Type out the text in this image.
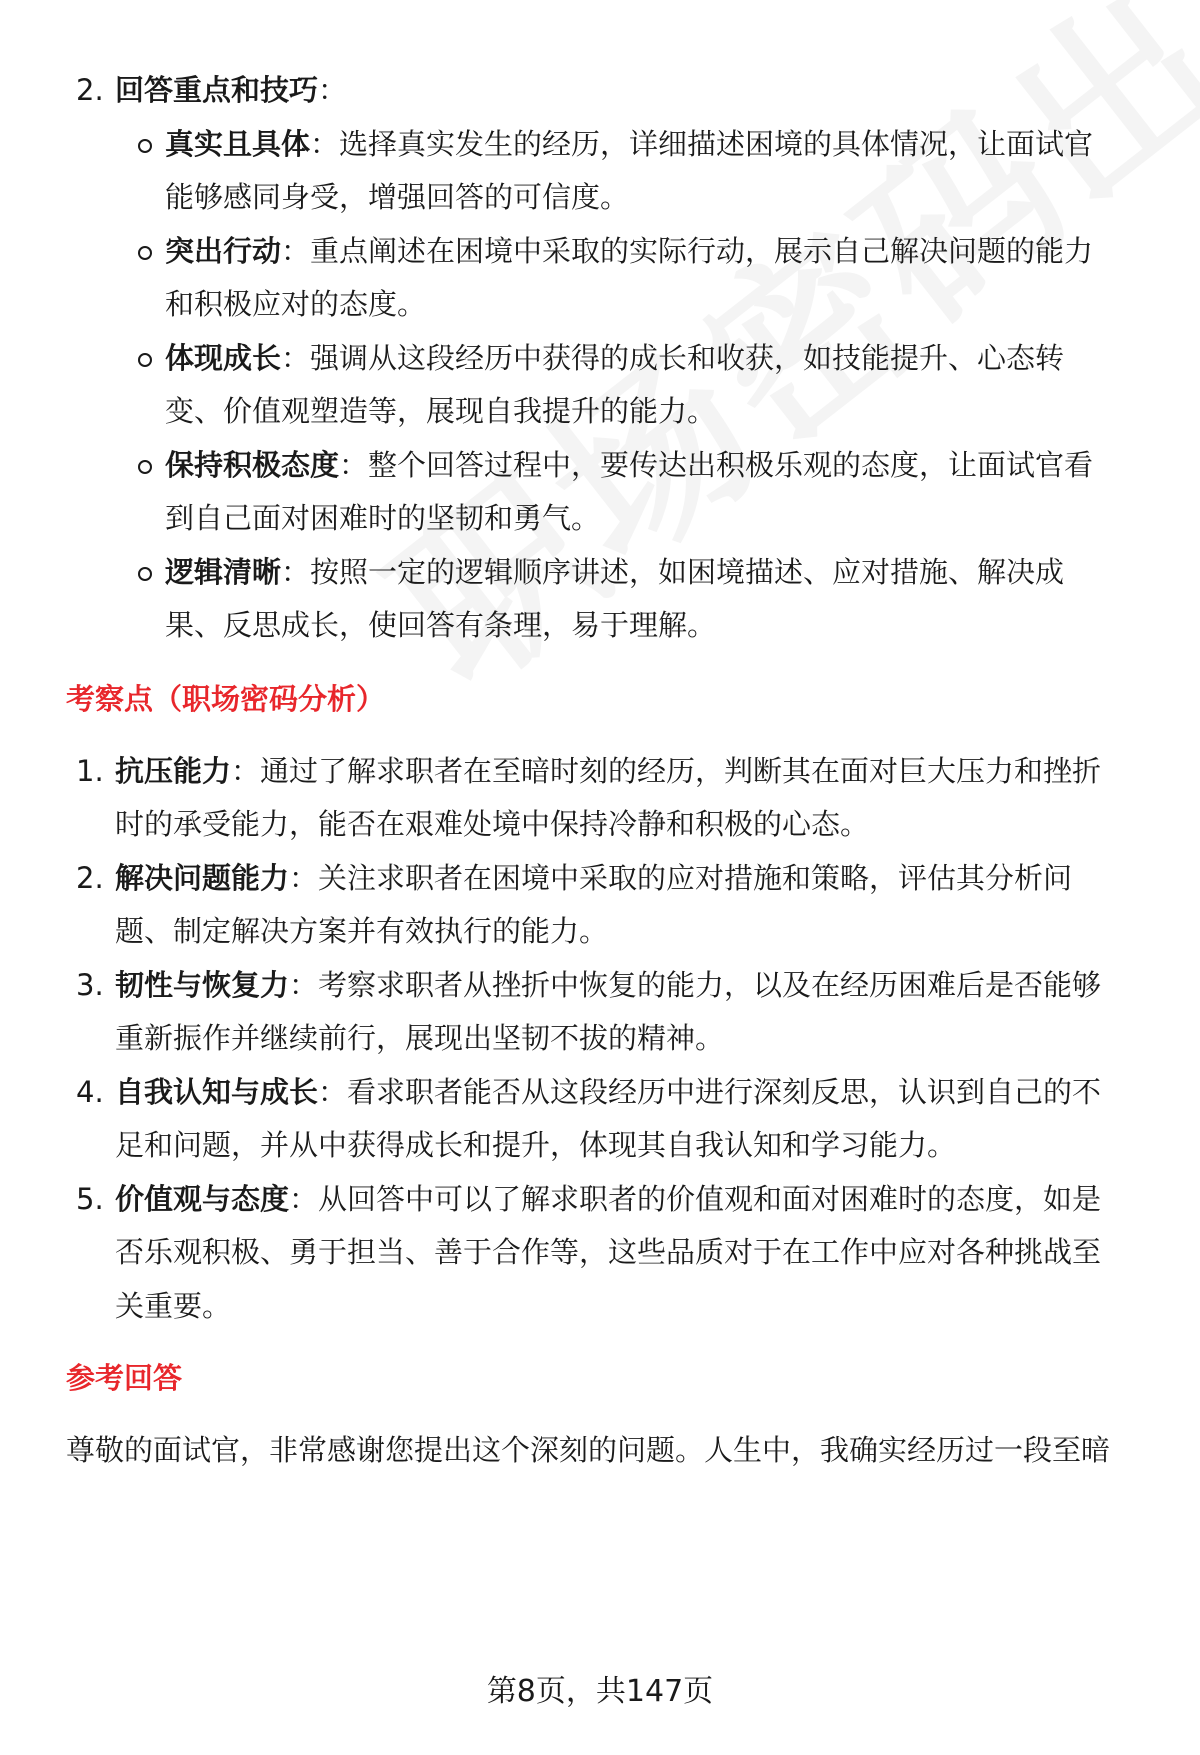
2. 回答重点和技巧：
真实且具体：选择真实发生的经历，详细描述困境的具体情况，让面试官
能够感同身受，增强回答的可信度。
突出行动：重点阐述在困境中采取的实际行动，展示自己解决问题的能力
和积极应对的态度。
体现成长：强调从这段经历中获得的成长和收获，如技能提升、心态转
变、价值观塑造等，展现自我提升的能力。
保持积极态度：整个回答过程中，要传达出积极乐观的态度，让面试官看
到自己面对困难时的坚韧和勇气。
逻辑清晰：按照一定的逻辑顺序讲述，如困境描述、应对措施、解决成
果、反思成长，使回答有条理，易于理解。
考察点（职场密码分析）
1. 抗压能力：通过了解求职者在至暗时刻的经历，判断其在面对巨大压力和挫折
时的承受能力，能否在艰难处境中保持冷静和积极的心态。
2. 解决问题能力：关注求职者在困境中采取的应对措施和策略，评估其分析问
题、制定解决方案并有效执行的能力。
3. 韧性与恢复力：考察求职者从挫折中恢复的能力，以及在经历困难后是否能够
重新振作并继续前行，展现出坚韧不拔的精神。
4. 自我认知与成长：看求职者能否从这段经历中进行深刻反思，认识到自己的不
足和问题，并从中获得成长和提升，体现其自我认知和学习能力。
5. 价值观与态度：从回答中可以了解求职者的价值观和面对困难时的态度，如是
否乐观积极、勇于担当、善于合作等，这些品质对于在工作中应对各种挑战至
关重要。
参考回答
尊敬的面试官，非常感谢您提出这个深刻的问题。人生中，我确实经历过一段至暗
第8页，共147页
